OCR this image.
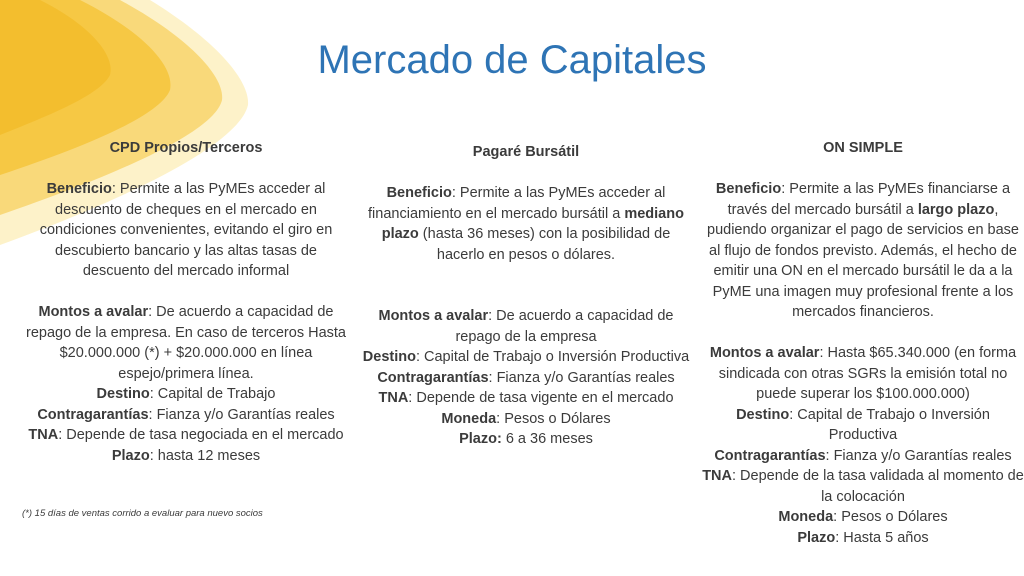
Mercado de Capitales

CPD Propios/Terceros

Beneficio: Permite a las PyMEs acceder al descuento de cheques en el mercado en condiciones convenientes, evitando el giro en descubierto bancario y las altas tasas de descuento del mercado informal

Montos a avalar: De acuerdo a capacidad de repago de la empresa. En caso de terceros Hasta $20.000.000 (*) + $20.000.000 en línea espejo/primera línea.

Destino: Capital de Trabajo

Contragarantías: Fianza y/o Garantías reales

TNA: Depende de tasa negociada en el mercado

Plazo: hasta 12 meses

(*) 15 días de ventas corrido a evaluar para nuevo socios

Pagaré Bursátil

Beneficio: Permite a las PyMEs acceder al financiamiento en el mercado bursátil a mediano plazo (hasta 36 meses) con la posibilidad de hacerlo en pesos o dólares.

Montos a avalar: De acuerdo a capacidad de repago de la empresa

Destino: Capital de Trabajo o Inversión Productiva

Contragarantías: Fianza y/o Garantías reales

TNA: Depende de tasa vigente en el mercado

Moneda: Pesos o Dólares

Plazo: 6 a 36 meses

ON SIMPLE

Beneficio: Permite a las PyMEs financiarse a través del mercado bursátil a largo plazo, pudiendo organizar el pago de servicios en base al flujo de fondos previsto. Además, el hecho de emitir una ON en el mercado bursátil le da a la PyME una imagen muy profesional frente a los mercados financieros.

Montos a avalar: Hasta $65.340.000 (en forma sindicada con otras SGRs la emisión total no puede superar los $100.000.000)

Destino: Capital de Trabajo o Inversión Productiva

Contragarantías: Fianza y/o Garantías reales

TNA: Depende de la tasa validada al momento de la colocación

Moneda: Pesos o Dólares

Plazo: Hasta 5 años
